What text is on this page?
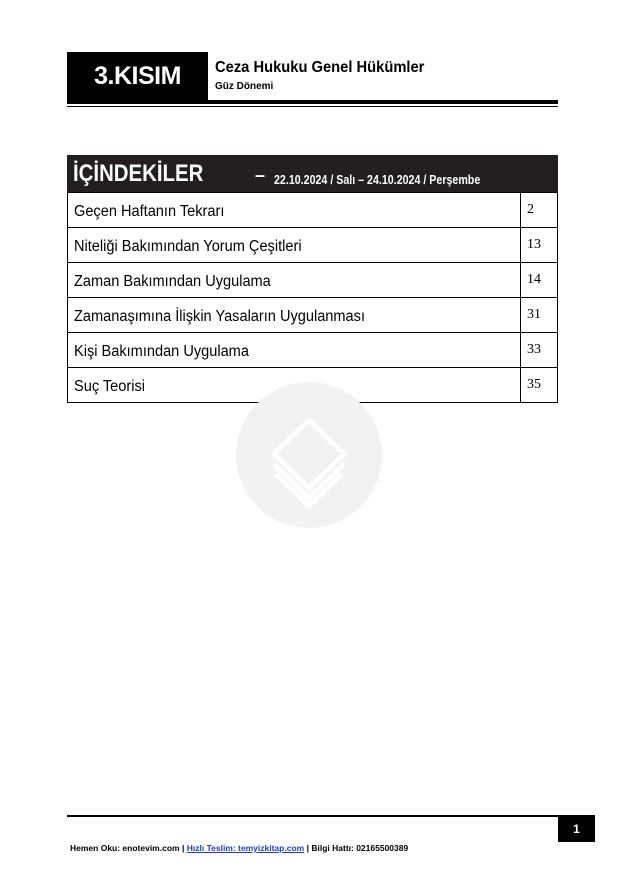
3.KISIM	Ceza Hukuku Genel Hükümler
Güz Dönemi
İÇİNDEKİLER	– 22.10.2024 / Salı – 24.10.2024 / Perşembe
Geçen Haftanın Tekrarı	2
Niteliği Bakımından Yorum Çeşitleri	13
Zaman Bakımından Uygulama	14
Zamanaşımına İlişkin Yasaların Uygulanması	31
Kişi Bakımından Uygulama	33
Suç Teorisi	35
1
Hemen Oku: enotevim.com | Hızlı Teslim: temyizkitap.com | Bilgi Hattı: 02165500389
